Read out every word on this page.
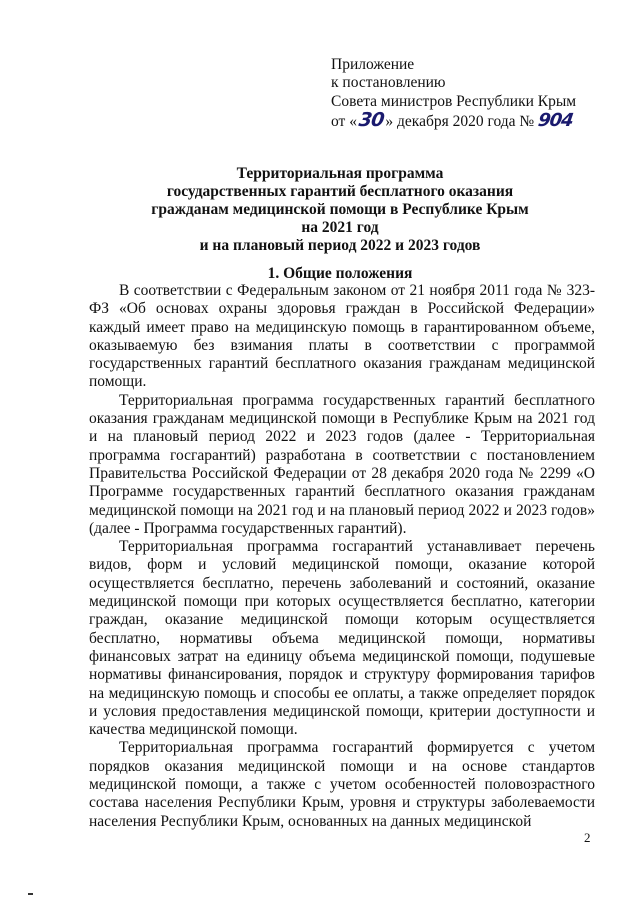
Приложение
к постановлению
Совета министров Республики Крым
от «30» декабря 2020 года № 904
Территориальная программа
государственных гарантий бесплатного оказания
гражданам медицинской помощи в Республике Крым
на 2021 год
и на плановый период 2022 и 2023 годов
1. Общие положения

В соответствии с Федеральным законом от 21 ноября 2011 года № 323-ФЗ «Об основах охраны здоровья граждан в Российской Федерации» каждый имеет право на медицинскую помощь в гарантированном объеме, оказываемую без взимания платы в соответствии с программой государственных гарантий бесплатного оказания гражданам медицинской помощи.

Территориальная программа государственных гарантий бесплатного оказания гражданам медицинской помощи в Республике Крым на 2021 год и на плановый период 2022 и 2023 годов (далее - Территориальная программа госгарантий) разработана в соответствии с постановлением Правительства Российской Федерации от 28 декабря 2020 года № 2299 «О Программе государственных гарантий бесплатного оказания гражданам медицинской помощи на 2021 год и на плановый период 2022 и 2023 годов» (далее - Программа государственных гарантий).

Территориальная программа госгарантий устанавливает перечень видов, форм и условий медицинской помощи, оказание которой осуществляется бесплатно, перечень заболеваний и состояний, оказание медицинской помощи при которых осуществляется бесплатно, категории граждан, оказание медицинской помощи которым осуществляется бесплатно, нормативы объема медицинской помощи, нормативы финансовых затрат на единицу объема медицинской помощи, подушевые нормативы финансирования, порядок и структуру формирования тарифов на медицинскую помощь и способы ее оплаты, а также определяет порядок и условия предоставления медицинской помощи, критерии доступности и качества медицинской помощи.

Территориальная программа госгарантий формируется с учетом порядков оказания медицинской помощи и на основе стандартов медицинской помощи, а также с учетом особенностей половозрастного состава населения Республики Крым, уровня и структуры заболеваемости населения Республики Крым, основанных на данных медицинской

2
